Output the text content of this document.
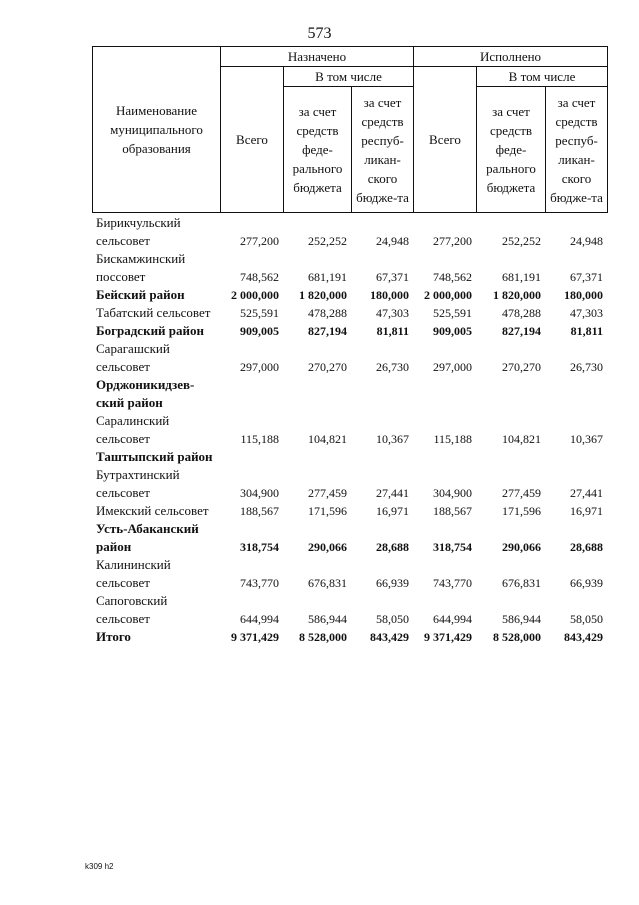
573
Наименование муниципального образования	Назначено			Исполнено		
	Всего	В том числе		Всего	В том числе	
		за счет средств феде-рального бюджета	за счет средств респуб-ликан-ского бюдже-та		за счет средств феде-рального бюджета	за счет средств респуб-ликан-ского бюдже-та
Бирикчульский сельсовет	277,200	252,252	24,948	277,200	252,252	24,948
Бискамжинский поссовет	748,562	681,191	67,371	748,562	681,191	67,371
Бейский район	2 000,000	1 820,000	180,000	2 000,000	1 820,000	180,000
Табатский сельсовет	525,591	478,288	47,303	525,591	478,288	47,303
Боградский район	909,005	827,194	81,811	909,005	827,194	81,811
Сарагашский сельсовет	297,000	270,270	26,730	297,000	270,270	26,730
Орджоникидзев-ский район						
Саралинский сельсовет	115,188	104,821	10,367	115,188	104,821	10,367
Таштыпский район						
Бутрахтинский сельсовет	304,900	277,459	27,441	304,900	277,459	27,441
Имекский сельсовет	188,567	171,596	16,971	188,567	171,596	16,971
Усть-Абаканский район	318,754	290,066	28,688	318,754	290,066	28,688
Калининский сельсовет	743,770	676,831	66,939	743,770	676,831	66,939
Сапоговский сельсовет	644,994	586,944	58,050	644,994	586,944	58,050
Итого	9 371,429	8 528,000	843,429	9 371,429	8 528,000	843,429
k309 h2
